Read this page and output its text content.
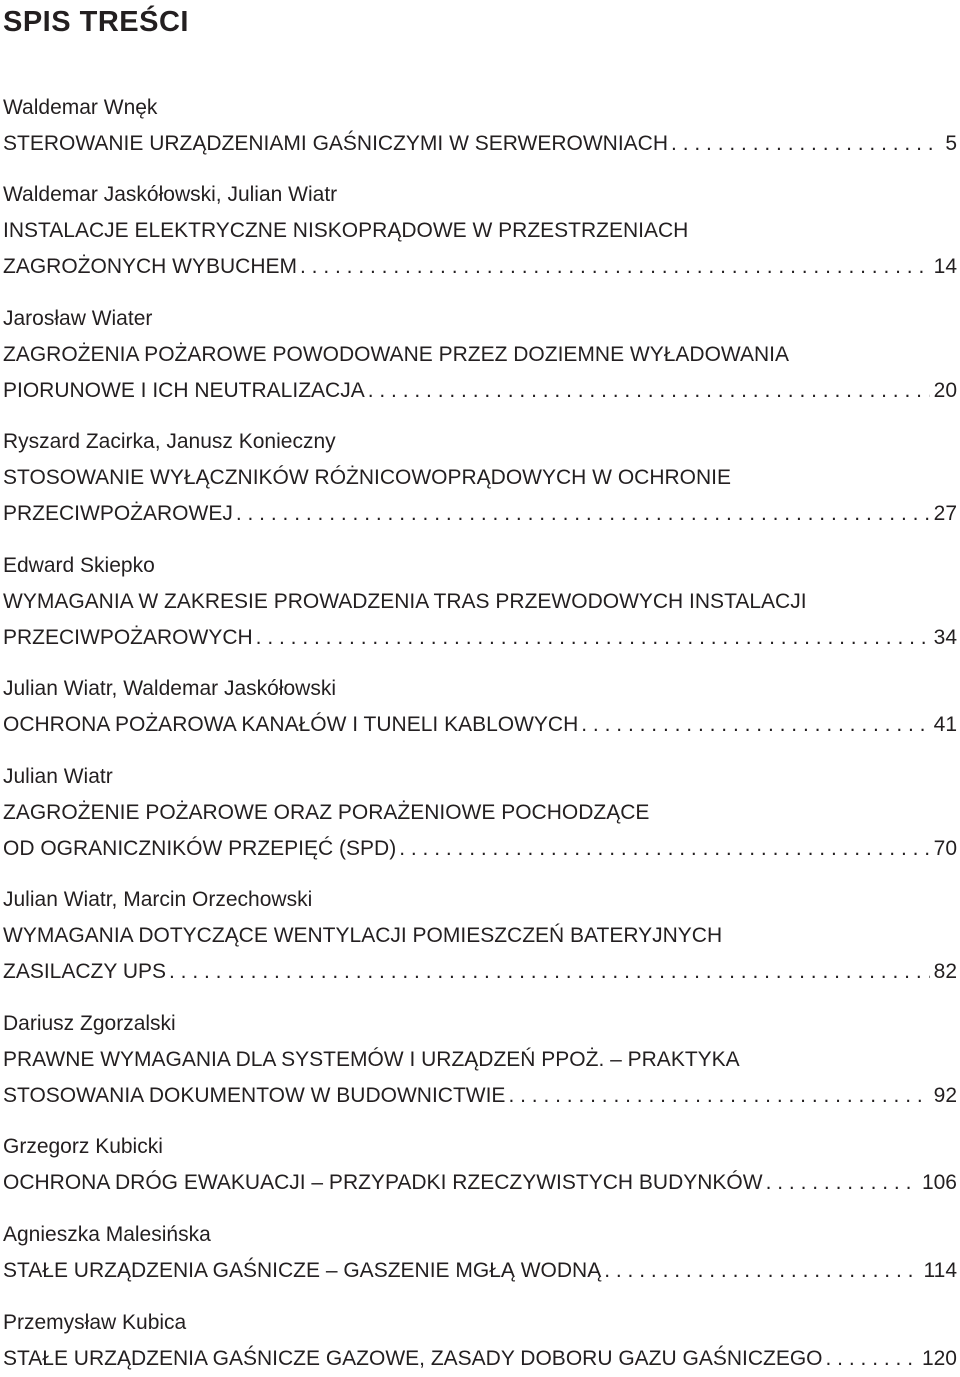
SPIS TREŚCI
Waldemar Wnęk
STEROWANIE URZĄDZENIAMI GAŚNICZYMI W SERWEROWNIACH . . .	5
Waldemar Jaskółowski, Julian Wiatr
INSTALACJE ELEKTRYCZNE NISKOPRĄDOWE W PRZESTRZENIACH
ZAGROŻONYCH WYBUCHEM . . .	14
Jarosław Wiater
ZAGROŻENIA POŻAROWE POWODOWANE PRZEZ DOZIEMNE WYŁADOWANIA
PIORUNOWE I ICH NEUTRALIZACJA . . .	20
Ryszard Zacirka, Janusz Konieczny
STOSOWANIE WYŁĄCZNIKÓW RÓŻNICOWOPRĄDOWYCH W OCHRONIE
PRZECIWPOŻAROWEJ . . .	27
Edward Skiepko
WYMAGANIA W ZAKRESIE PROWADZENIA TRAS PRZEWODOWYCH INSTALACJI
PRZECIWPOŻAROWYCH . . .	34
Julian Wiatr, Waldemar Jaskółowski
OCHRONA POŻAROWA KANAŁÓW I TUNELI KABLOWYCH . . .	41
Julian Wiatr
ZAGROŻENIE POŻAROWE ORAZ PORAŻENIOWE POCHODZĄCE
OD OGRANICZNIKÓW PRZEPIĘĆ (SPD) . . .	70
Julian Wiatr, Marcin Orzechowski
WYMAGANIA DOTYCZĄCE WENTYLACJI POMIESZCZEŃ BATERYJNYCH
ZASILACZY UPS . . .	82
Dariusz Zgorzalski
PRAWNE WYMAGANIA DLA SYSTEMÓW I URZĄDZEŃ PPOŻ. – PRAKTYKA
STOSOWANIA DOKUMENTOW W BUDOWNICTWIE . . .	92
Grzegorz Kubicki
OCHRONA DRÓG EWAKUACJI – PRZYPADKI RZECZYWISTYCH BUDYNKÓW . . .	106
Agnieszka Malesińska
STAŁE URZĄDZENIA GAŚNICZE – GASZENIE MGŁĄ WODNĄ . . .	114
Przemysław Kubica
STAŁE URZĄDZENIA GAŚNICZE GAZOWE, ZASADY DOBORU GAZU GAŚNICZEGO . . .	120
